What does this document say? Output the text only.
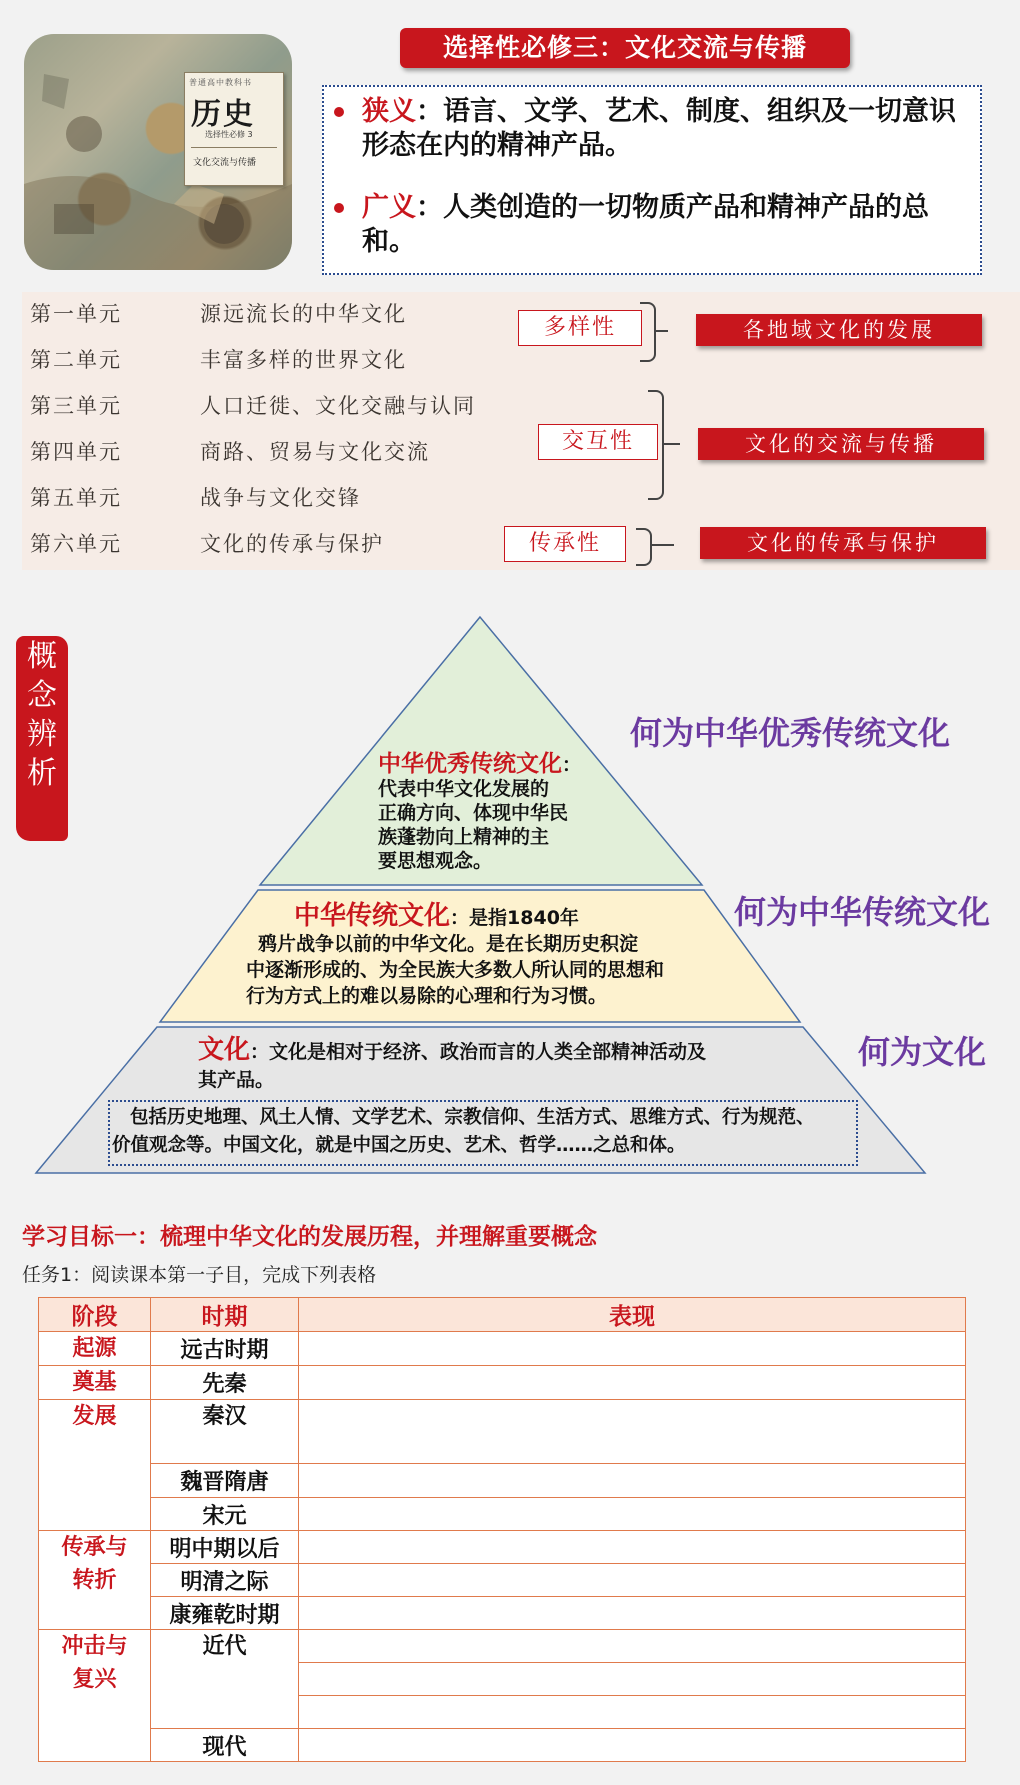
普通高中教科书
历史
选择性必修 3
文化交流与传播
选择性必修三：文化交流与传播
狭义：语言、文学、艺术、制度、组织及一切意识形态在内的精神产品。
广义：人类创造的一切物质产品和精神产品的总和。
第一单元	源远流长的中华文化
第二单元	丰富多样的世界文化
第三单元	人口迁徙、文化交融与认同
第四单元	商路、贸易与文化交流
第五单元	战争与文化交锋
第六单元	文化的传承与保护
多样性
交互性
传承性
各地域文化的发展
文化的交流与传播
文化的传承与保护
概
念
辨
析
何为中华优秀传统文化
何为中华传统文化
何为文化
中华优秀传统文化：
代表中华文化发展的
正确方向、体现中华民
族蓬勃向上精神的主
要思想观念。
中华传统文化：是指1840年
鸦片战争以前的中华文化。是在长期历史积淀
中逐渐形成的、为全民族大多数人所认同的思想和
行为方式上的难以易除的心理和行为习惯。
文化：文化是相对于经济、政治而言的人类全部精神活动及
其产品。
包括历史地理、风土人情、文学艺术、宗教信仰、生活方式、思维方式、行为规范、
价值观念等。中国文化，就是中国之历史、艺术、哲学……之总和体。
学习目标一：梳理中华文化的发展历程，并理解重要概念
任务1：阅读课本第一子目，完成下列表格
阶段	时期	表现
起源	远古时期	
奠基	先秦	
发展	秦汉	
	魏晋隋唐	
	宋元	

传承与
转折	明中期以后	
	明清之际	
	康雍乾时期	

冲击与
复兴	近代	

	现代	
